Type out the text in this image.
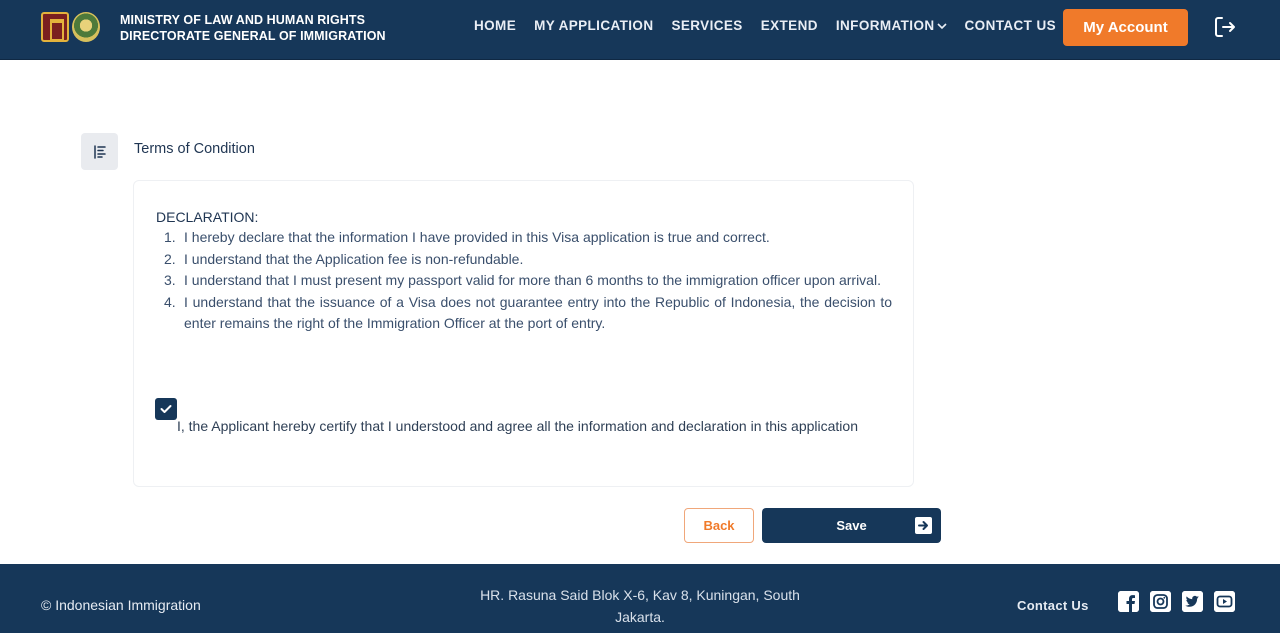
MINISTRY OF LAW AND HUMAN RIGHTS
DIRECTORATE GENERAL OF IMMIGRATION
HOME MY APPLICATION SERVICES EXTEND INFORMATION CONTACT US	My Account
Terms of Condition
DECLARATION:
1. I hereby declare that the information I have provided in this Visa application is true and correct.
2. I understand that the Application fee is non-refundable.
3. I understand that I must present my passport valid for more than 6 months to the immigration officer upon arrival.
4. I understand that the issuance of a Visa does not guarantee entry into the Republic of Indonesia, the decision to enter remains the right of the Immigration Officer at the port of entry.
I, the Applicant hereby certify that I understood and agree all the information and declaration in this application
Back	Save
© Indonesian Immigration
HR. Rasuna Said Blok X-6, Kav 8, Kuningan, South Jakarta.
Contact Us
